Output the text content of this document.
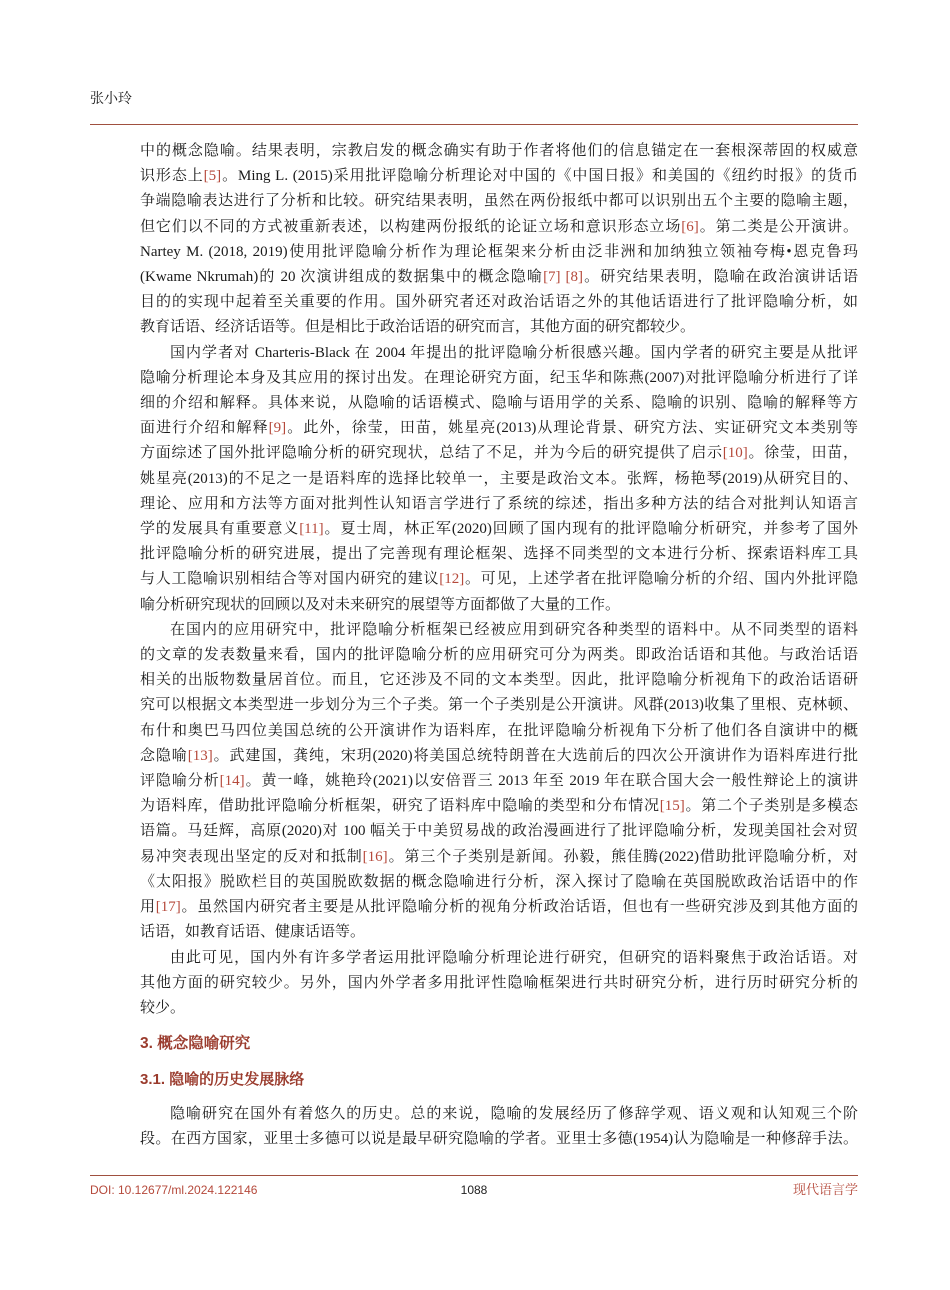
张小玲
中的概念隐喻。结果表明，宗教启发的概念确实有助于作者将他们的信息锚定在一套根深蒂固的权威意
识形态上[5]。Ming L. (2015)采用批评隐喻分析理论对中国的《中国日报》和美国的《纽约时报》的货币
争端隐喻表达进行了分析和比较。研究结果表明，虽然在两份报纸中都可以识别出五个主要的隐喻主题，
但它们以不同的方式被重新表述，以构建两份报纸的论证立场和意识形态立场[6]。第二类是公开演讲。
Nartey M. (2018, 2019)使用批评隐喻分析作为理论框架来分析由泛非洲和加纳独立领袖夸梅•恩克鲁玛
(Kwame Nkrumah)的 20 次演讲组成的数据集中的概念隐喻[7] [8]。研究结果表明，隐喻在政治演讲话语
目的的实现中起着至关重要的作用。国外研究者还对政治话语之外的其他话语进行了批评隐喻分析，如
教育话语、经济话语等。但是相比于政治话语的研究而言，其他方面的研究都较少。
国内学者对 Charteris-Black 在 2004 年提出的批评隐喻分析很感兴趣。国内学者的研究主要是从批评
隐喻分析理论本身及其应用的探讨出发。在理论研究方面，纪玉华和陈燕(2007)对批评隐喻分析进行了详
细的介绍和解释。具体来说，从隐喻的话语模式、隐喻与语用学的关系、隐喻的识别、隐喻的解释等方
面进行介绍和解释[9]。此外，徐莹，田苗，姚星亮(2013)从理论背景、研究方法、实证研究文本类别等
方面综述了国外批评隐喻分析的研究现状，总结了不足，并为今后的研究提供了启示[10]。徐莹，田苗，
姚星亮(2013)的不足之一是语料库的选择比较单一，主要是政治文本。张辉，杨艳琴(2019)从研究目的、
理论、应用和方法等方面对批判性认知语言学进行了系统的综述，指出多种方法的结合对批判认知语言
学的发展具有重要意义[11]。夏士周，林正军(2020)回顾了国内现有的批评隐喻分析研究，并参考了国外
批评隐喻分析的研究进展，提出了完善现有理论框架、选择不同类型的文本进行分析、探索语料库工具
与人工隐喻识别相结合等对国内研究的建议[12]。可见，上述学者在批评隐喻分析的介绍、国内外批评隐
喻分析研究现状的回顾以及对未来研究的展望等方面都做了大量的工作。
在国内的应用研究中，批评隐喻分析框架已经被应用到研究各种类型的语料中。从不同类型的语料
的文章的发表数量来看，国内的批评隐喻分析的应用研究可分为两类。即政治话语和其他。与政治话语
相关的出版物数量居首位。而且，它还涉及不同的文本类型。因此，批评隐喻分析视角下的政治话语研
究可以根据文本类型进一步划分为三个子类。第一个子类别是公开演讲。风群(2013)收集了里根、克林顿、
布什和奥巴马四位美国总统的公开演讲作为语料库，在批评隐喻分析视角下分析了他们各自演讲中的概
念隐喻[13]。武建国，龚纯，宋玥(2020)将美国总统特朗普在大选前后的四次公开演讲作为语料库进行批
评隐喻分析[14]。黄一峰，姚艳玲(2021)以安倍晋三 2013 年至 2019 年在联合国大会一般性辩论上的演讲
为语料库，借助批评隐喻分析框架，研究了语料库中隐喻的类型和分布情况[15]。第二个子类别是多模态
语篇。马廷辉，高原(2020)对 100 幅关于中美贸易战的政治漫画进行了批评隐喻分析，发现美国社会对贸
易冲突表现出坚定的反对和抵制[16]。第三个子类别是新闻。孙毅，熊佳腾(2022)借助批评隐喻分析，对
《太阳报》脱欧栏目的英国脱欧数据的概念隐喻进行分析，深入探讨了隐喻在英国脱欧政治话语中的作
用[17]。虽然国内研究者主要是从批评隐喻分析的视角分析政治话语，但也有一些研究涉及到其他方面的
话语，如教育话语、健康话语等。
由此可见，国内外有许多学者运用批评隐喻分析理论进行研究，但研究的语料聚焦于政治话语。对
其他方面的研究较少。另外，国内外学者多用批评性隐喻框架进行共时研究分析，进行历时研究分析的
较少。
3. 概念隐喻研究
3.1. 隐喻的历史发展脉络
隐喻研究在国外有着悠久的历史。总的来说，隐喻的发展经历了修辞学观、语义观和认知观三个阶
段。在西方国家，亚里士多德可以说是最早研究隐喻的学者。亚里士多德(1954)认为隐喻是一种修辞手法。
DOI: 10.12677/ml.2024.122146	1088	现代语言学
